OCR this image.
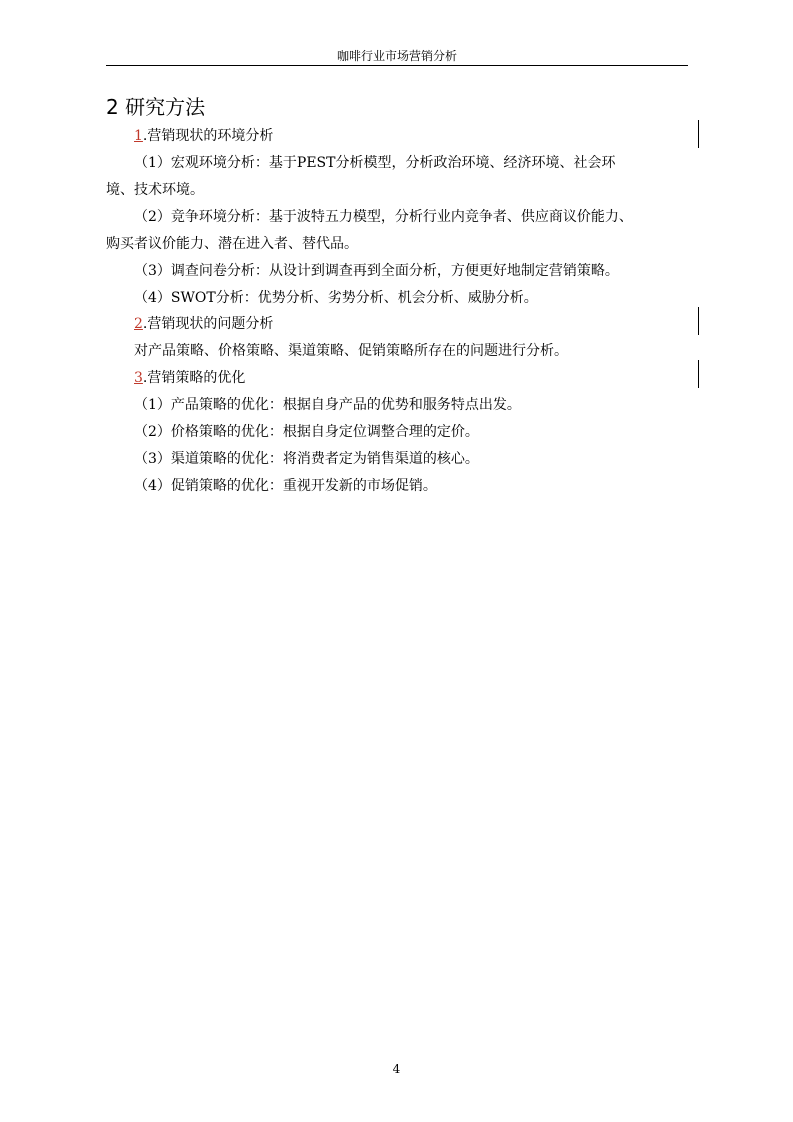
咖啡行业市场营销分析
2 研究方法
1.营销现状的环境分析
（1）宏观环境分析：基于PEST分析模型，分析政治环境、经济环境、社会环
境、技术环境。
（2）竞争环境分析：基于波特五力模型，分析行业内竞争者、供应商议价能力、
购买者议价能力、潜在进入者、替代品。
（3）调查问卷分析：从设计到调查再到全面分析，方便更好地制定营销策略。
（4）SWOT分析：优势分析、劣势分析、机会分析、威胁分析。
2.营销现状的问题分析
对产品策略、价格策略、渠道策略、促销策略所存在的问题进行分析。
3.营销策略的优化
（1）产品策略的优化：根据自身产品的优势和服务特点出发。
（2）价格策略的优化：根据自身定位调整合理的定价。
（3）渠道策略的优化：将消费者定为销售渠道的核心。
（4）促销策略的优化：重视开发新的市场促销。
4
